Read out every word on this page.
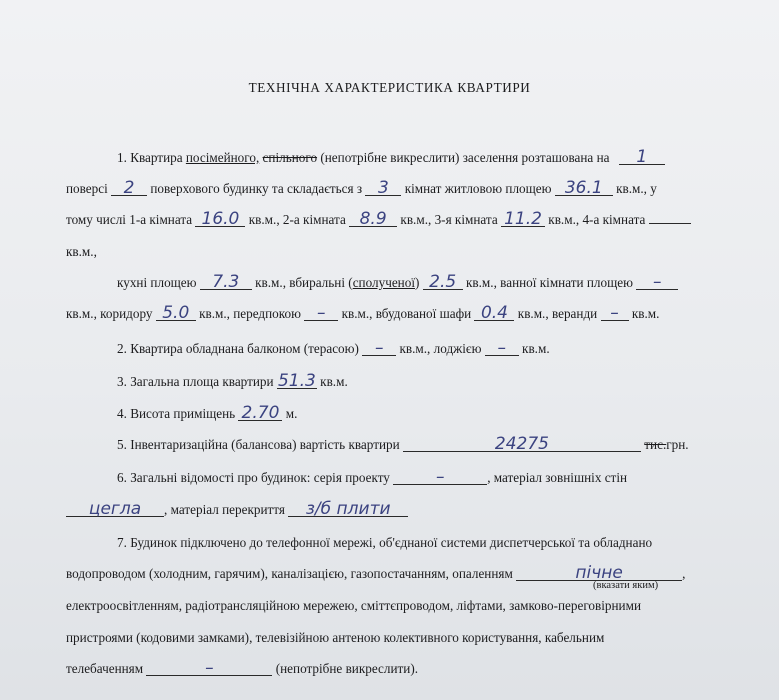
ТЕХНІЧНА ХАРАКТЕРИСТИКА КВАРТИРИ
1. Квартира посімейного, спільного (непотрібне викреслити) заселення розташована на 1
поверсі 2 поверхового будинку та складається з 3 кімнат житловою площею 36.1 кв.м., у
тому числі 1-а кімната 16.0 кв.м., 2-а кімната 8.9 кв.м., 3-я кімната 11.2 кв.м., 4-а кімната
кв.м.,
кухні площею 7.3 кв.м., вбиральні (сполученої) 2.5 кв.м., ванної кімнати площею –
кв.м., коридору 5.0 кв.м., передпокою – кв.м., вбудованої шафи 0.4 кв.м., веранди – кв.м.
2. Квартира обладнана балконом (терасою) – кв.м., лоджією – кв.м.
3. Загальна площа квартири 51.3 кв.м.
4. Висота приміщень 2.70 м.
5. Інвентаризаційна (балансова) вартість квартири	24275	тис.грн.
6. Загальні відомості про будинок: серія проекту	–	, матеріал зовнішніх стін
цегла , матеріал перекриття з/б плити
7. Будинок підключено до телефонної мережі, об'єднаної системи диспетчерської та обладнано
водопроводом (холодним, гарячим), каналізацією, газопостачанням, опаленням	пічне	,
(вказати яким)
електроосвітленням, радіотрансляційною мережею, сміттєпроводом, ліфтами, замково-переговірними
пристроями (кодовими замками), телевізійною антеною колективного користування, кабельним
телебаченням	–	(непотрібне викреслити).
